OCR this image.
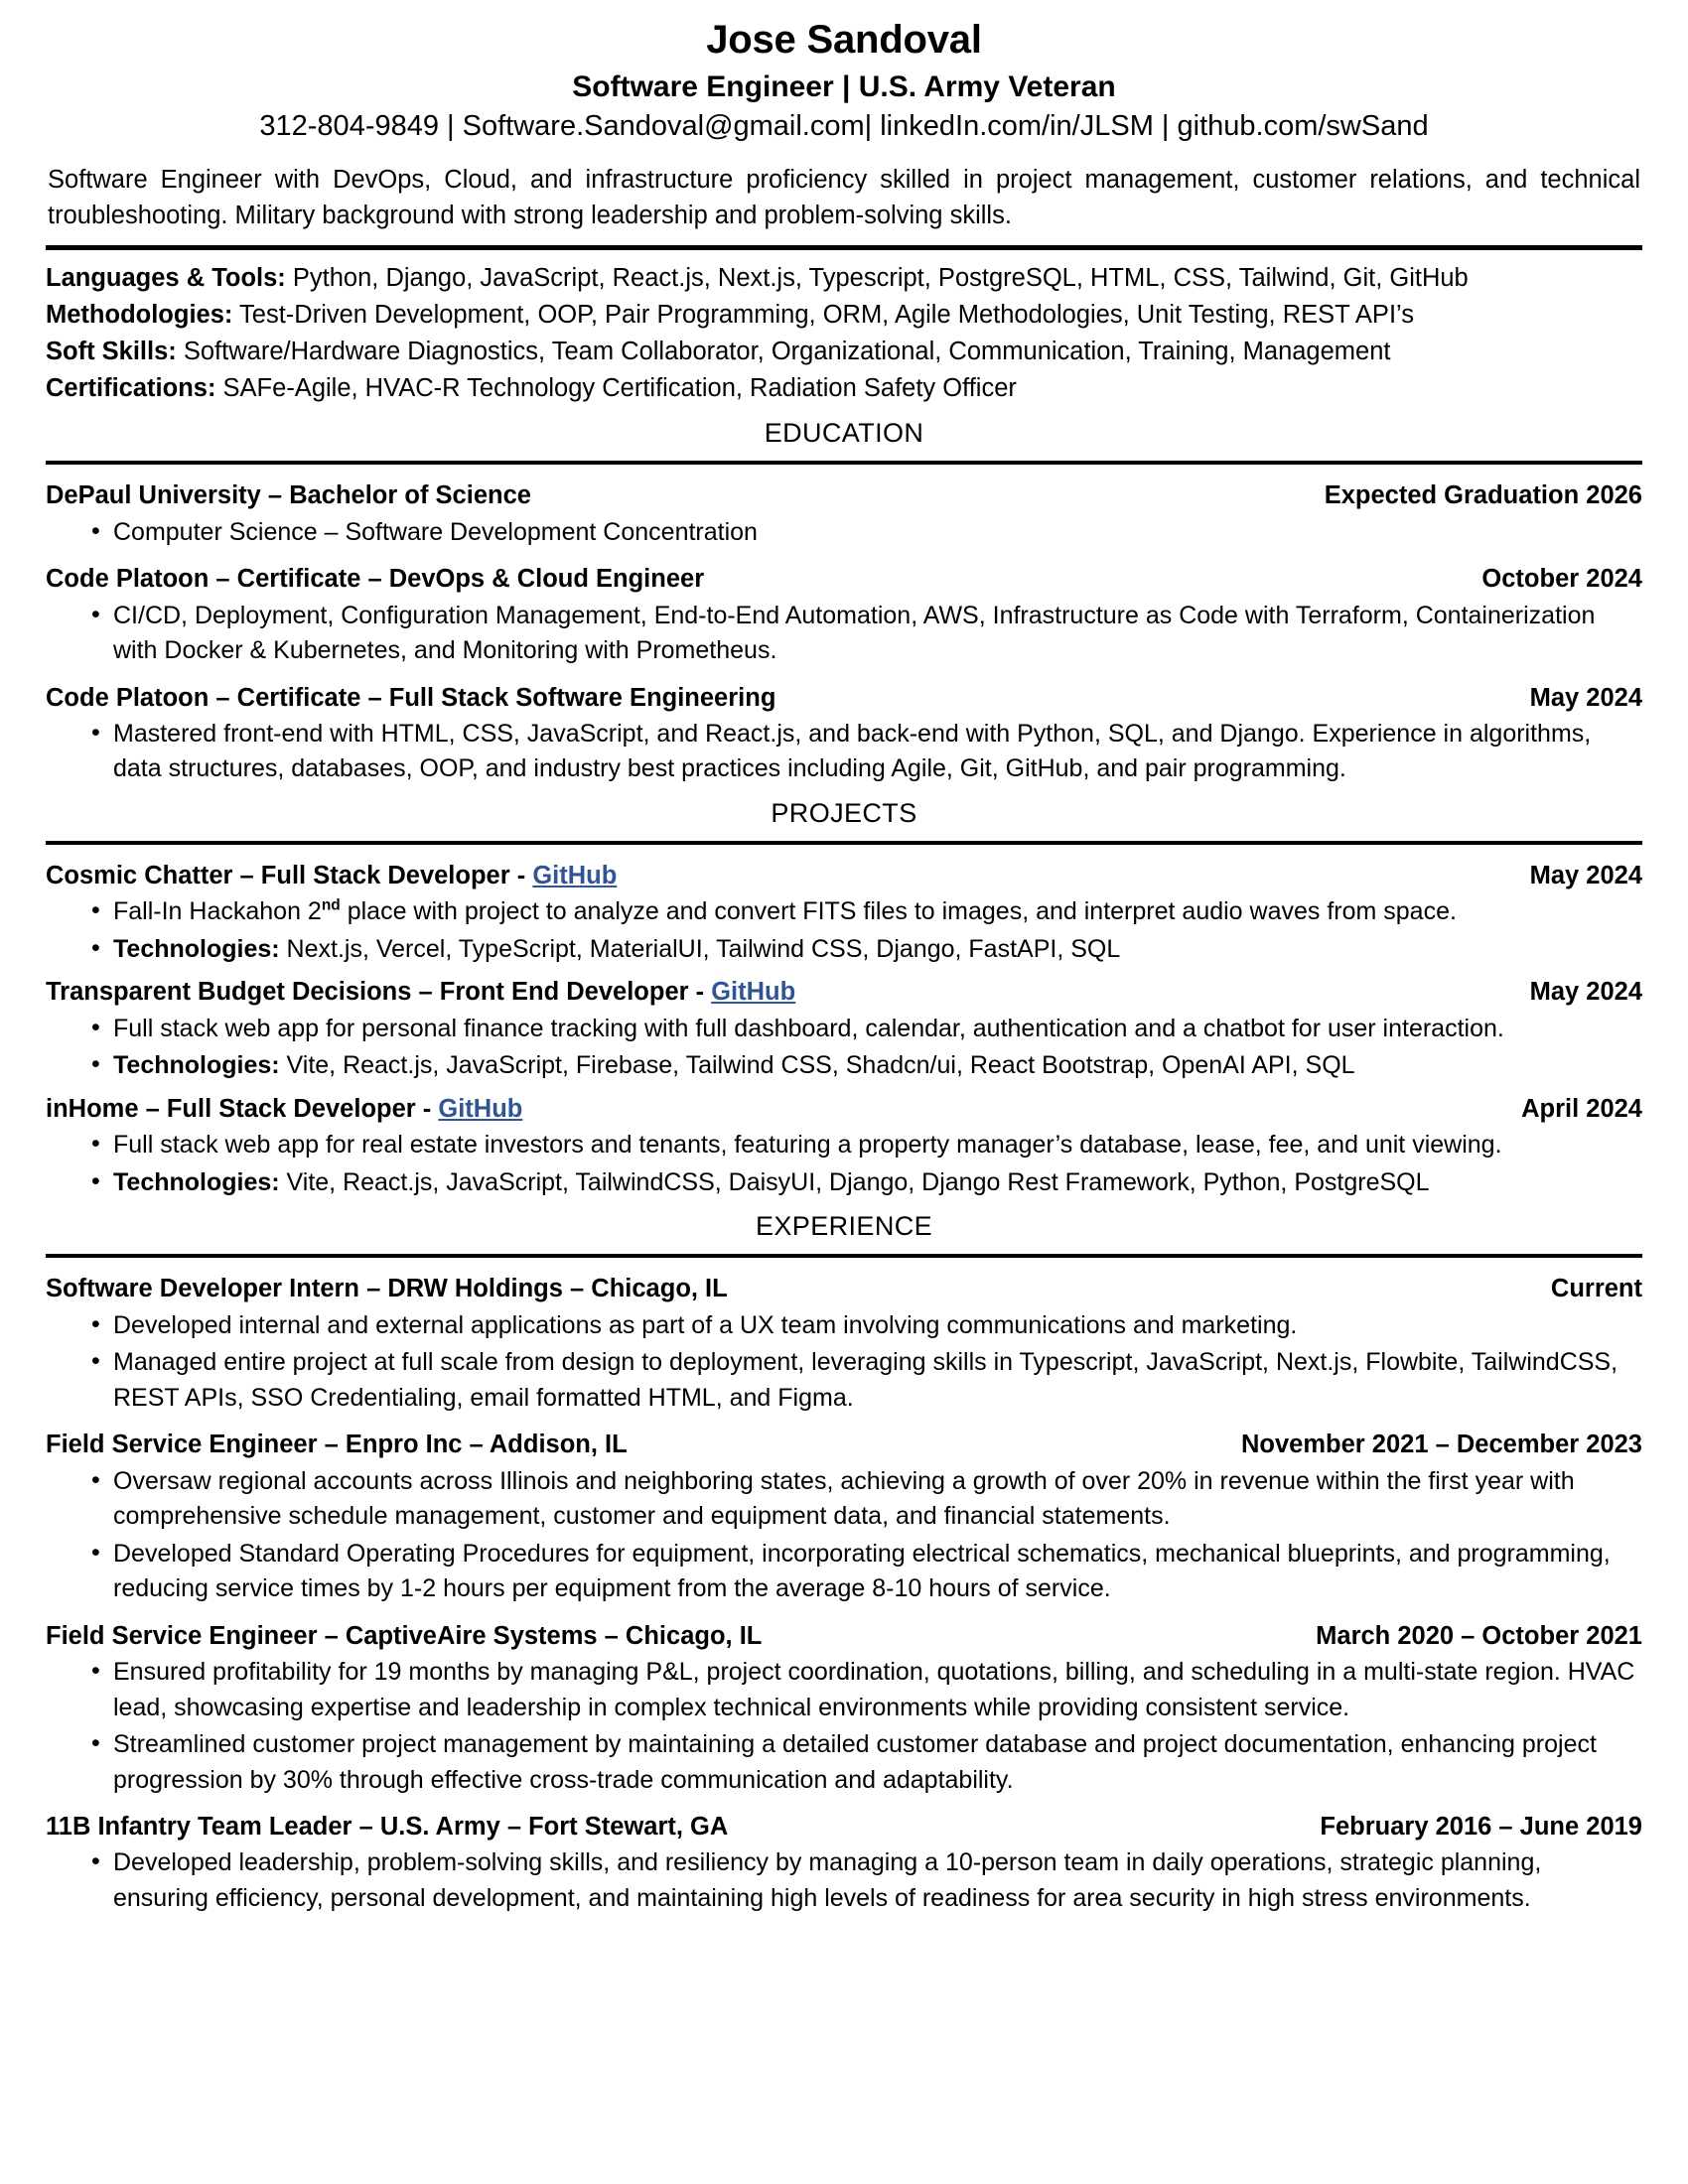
Jose Sandoval
Software Engineer | U.S. Army Veteran
312-804-9849 | Software.Sandoval@gmail.com| linkedIn.com/in/JLSM | github.com/swSand
Software Engineer with DevOps, Cloud, and infrastructure proficiency skilled in project management, customer relations, and technical troubleshooting. Military background with strong leadership and problem-solving skills.
Languages & Tools: Python, Django, JavaScript, React.js, Next.js, Typescript, PostgreSQL, HTML, CSS, Tailwind, Git, GitHub
Methodologies: Test-Driven Development, OOP, Pair Programming, ORM, Agile Methodologies, Unit Testing, REST API’s
Soft Skills: Software/Hardware Diagnostics, Team Collaborator, Organizational, Communication, Training, Management
Certifications: SAFe-Agile, HVAC-R Technology Certification, Radiation Safety Officer
EDUCATION
DePaul University – Bachelor of Science	Expected Graduation 2026
• Computer Science – Software Development Concentration
Code Platoon – Certificate – DevOps & Cloud Engineer	October 2024
• CI/CD, Deployment, Configuration Management, End-to-End Automation, AWS, Infrastructure as Code with Terraform, Containerization with Docker & Kubernetes, and Monitoring with Prometheus.
Code Platoon – Certificate – Full Stack Software Engineering	May 2024
• Mastered front-end with HTML, CSS, JavaScript, and React.js, and back-end with Python, SQL, and Django. Experience in algorithms, data structures, databases, OOP, and industry best practices including Agile, Git, GitHub, and pair programming.
PROJECTS
Cosmic Chatter – Full Stack Developer - GitHub	May 2024
• Fall-In Hackahon 2nd place with project to analyze and convert FITS files to images, and interpret audio waves from space.
• Technologies: Next.js, Vercel, TypeScript, MaterialUI, Tailwind CSS, Django, FastAPI, SQL
Transparent Budget Decisions – Front End Developer - GitHub	May 2024
• Full stack web app for personal finance tracking with full dashboard, calendar, authentication and a chatbot for user interaction.
• Technologies: Vite, React.js, JavaScript, Firebase, Tailwind CSS, Shadcn/ui, React Bootstrap, OpenAI API, SQL
inHome – Full Stack Developer - GitHub	April 2024
• Full stack web app for real estate investors and tenants, featuring a property manager’s database, lease, fee, and unit viewing.
• Technologies: Vite, React.js, JavaScript, TailwindCSS, DaisyUI, Django, Django Rest Framework, Python, PostgreSQL
EXPERIENCE
Software Developer Intern – DRW Holdings – Chicago, IL	Current
• Developed internal and external applications as part of a UX team involving communications and marketing.
• Managed entire project at full scale from design to deployment, leveraging skills in Typescript, JavaScript, Next.js, Flowbite, TailwindCSS, REST APIs, SSO Credentialing, email formatted HTML, and Figma.
Field Service Engineer – Enpro Inc – Addison, IL	November 2021 – December 2023
• Oversaw regional accounts across Illinois and neighboring states, achieving a growth of over 20% in revenue within the first year with comprehensive schedule management, customer and equipment data, and financial statements.
• Developed Standard Operating Procedures for equipment, incorporating electrical schematics, mechanical blueprints, and programming, reducing service times by 1-2 hours per equipment from the average 8-10 hours of service.
Field Service Engineer – CaptiveAire Systems – Chicago, IL	March 2020 – October 2021
• Ensured profitability for 19 months by managing P&L, project coordination, quotations, billing, and scheduling in a multi-state region. HVAC lead, showcasing expertise and leadership in complex technical environments while providing consistent service.
• Streamlined customer project management by maintaining a detailed customer database and project documentation, enhancing project progression by 30% through effective cross-trade communication and adaptability.
11B Infantry Team Leader – U.S. Army – Fort Stewart, GA	February 2016 – June 2019
• Developed leadership, problem-solving skills, and resiliency by managing a 10-person team in daily operations, strategic planning, ensuring efficiency, personal development, and maintaining high levels of readiness for area security in high stress environments.
